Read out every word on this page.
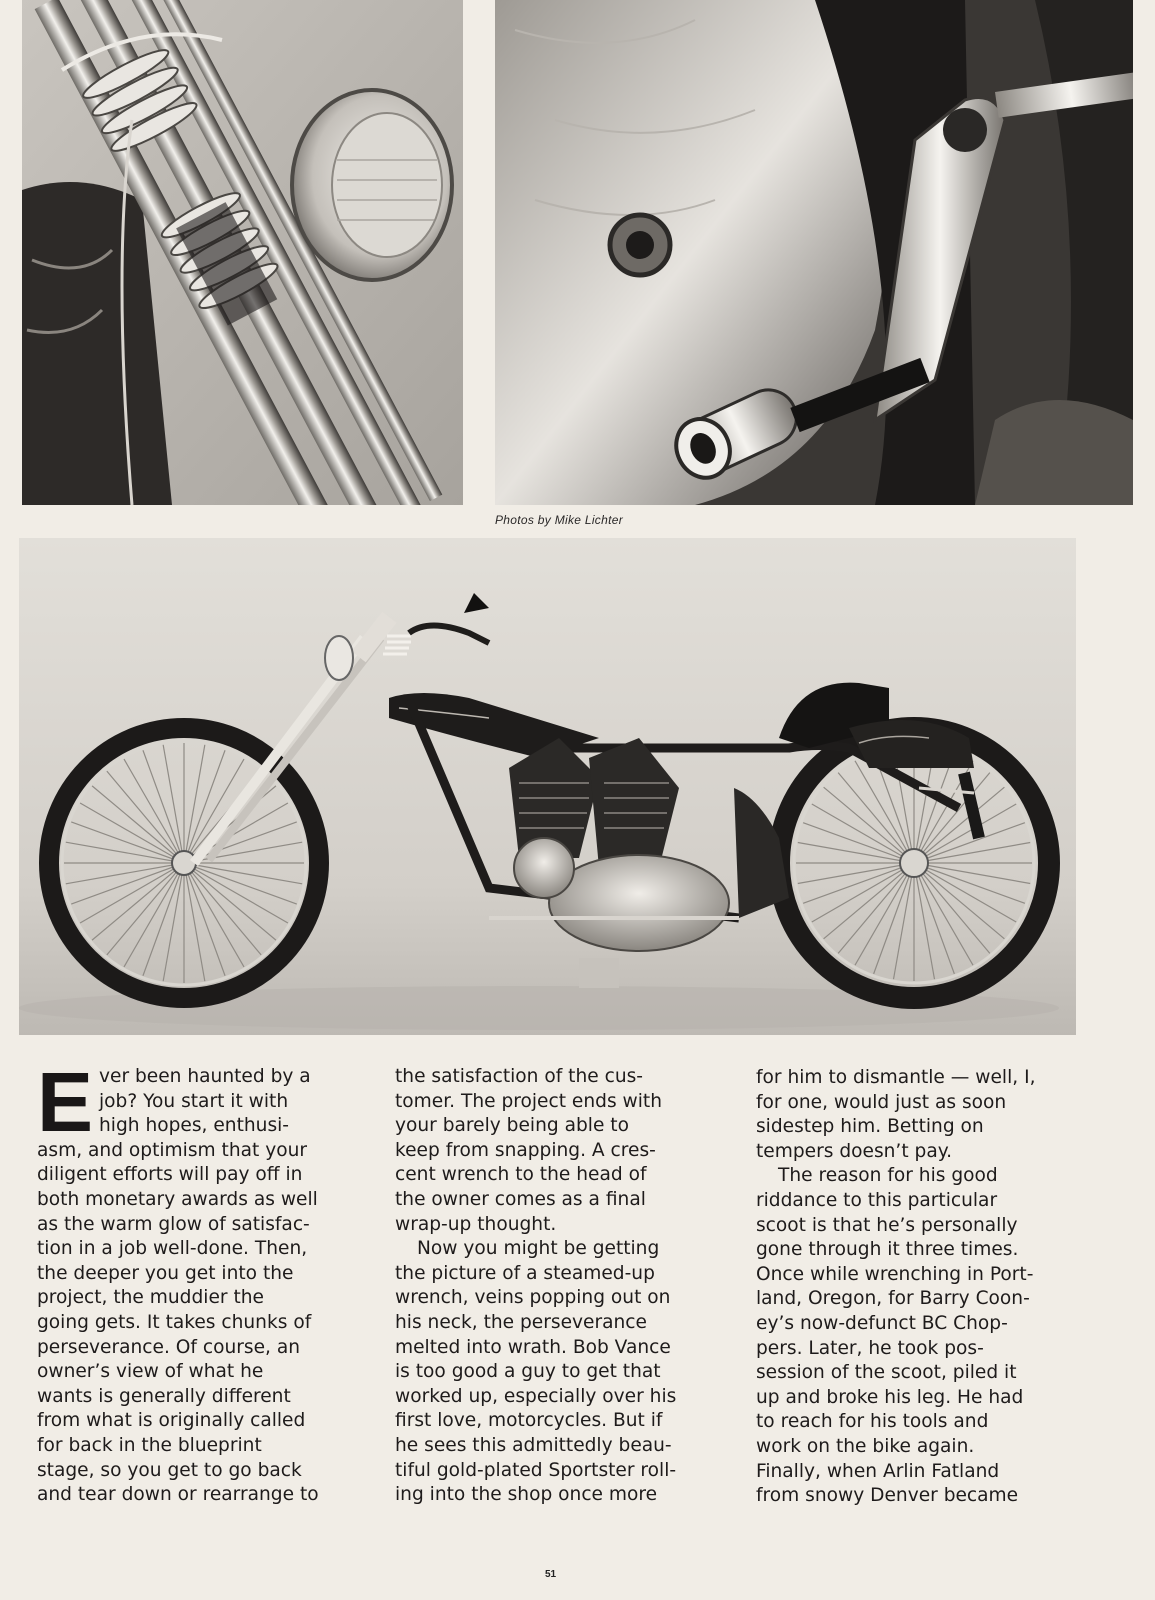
Photos by Mike Lichter
E ver been haunted by a
job? You start it with
high hopes, enthusi-
asm, and optimism that your
diligent efforts will pay off in
both monetary awards as well
as the warm glow of satisfac-
tion in a job well-done. Then,
the deeper you get into the
project, the muddier the
going gets. It takes chunks of
perseverance. Of course, an
owner’s view of what he
wants is generally different
from what is originally called
for back in the blueprint
stage, so you get to go back
and tear down or rearrange to

the satisfaction of the cus-
tomer. The project ends with
your barely being able to
keep from snapping. A cres-
cent wrench to the head of
the owner comes as a final
wrap-up thought.

Now you might be getting
the picture of a steamed-up
wrench, veins popping out on
his neck, the perseverance
melted into wrath. Bob Vance
is too good a guy to get that
worked up, especially over his
first love, motorcycles. But if
he sees this admittedly beau-
tiful gold-plated Sportster roll-
ing into the shop once more

for him to dismantle — well, I,
for one, would just as soon
sidestep him. Betting on
tempers doesn’t pay.

The reason for his good
riddance to this particular
scoot is that he’s personally
gone through it three times.
Once while wrenching in Port-
land, Oregon, for Barry Coon-
ey’s now-defunct BC Chop-
pers. Later, he took pos-
session of the scoot, piled it
up and broke his leg. He had
to reach for his tools and
work on the bike again.
Finally, when Arlin Fatland
from snowy Denver became

51
